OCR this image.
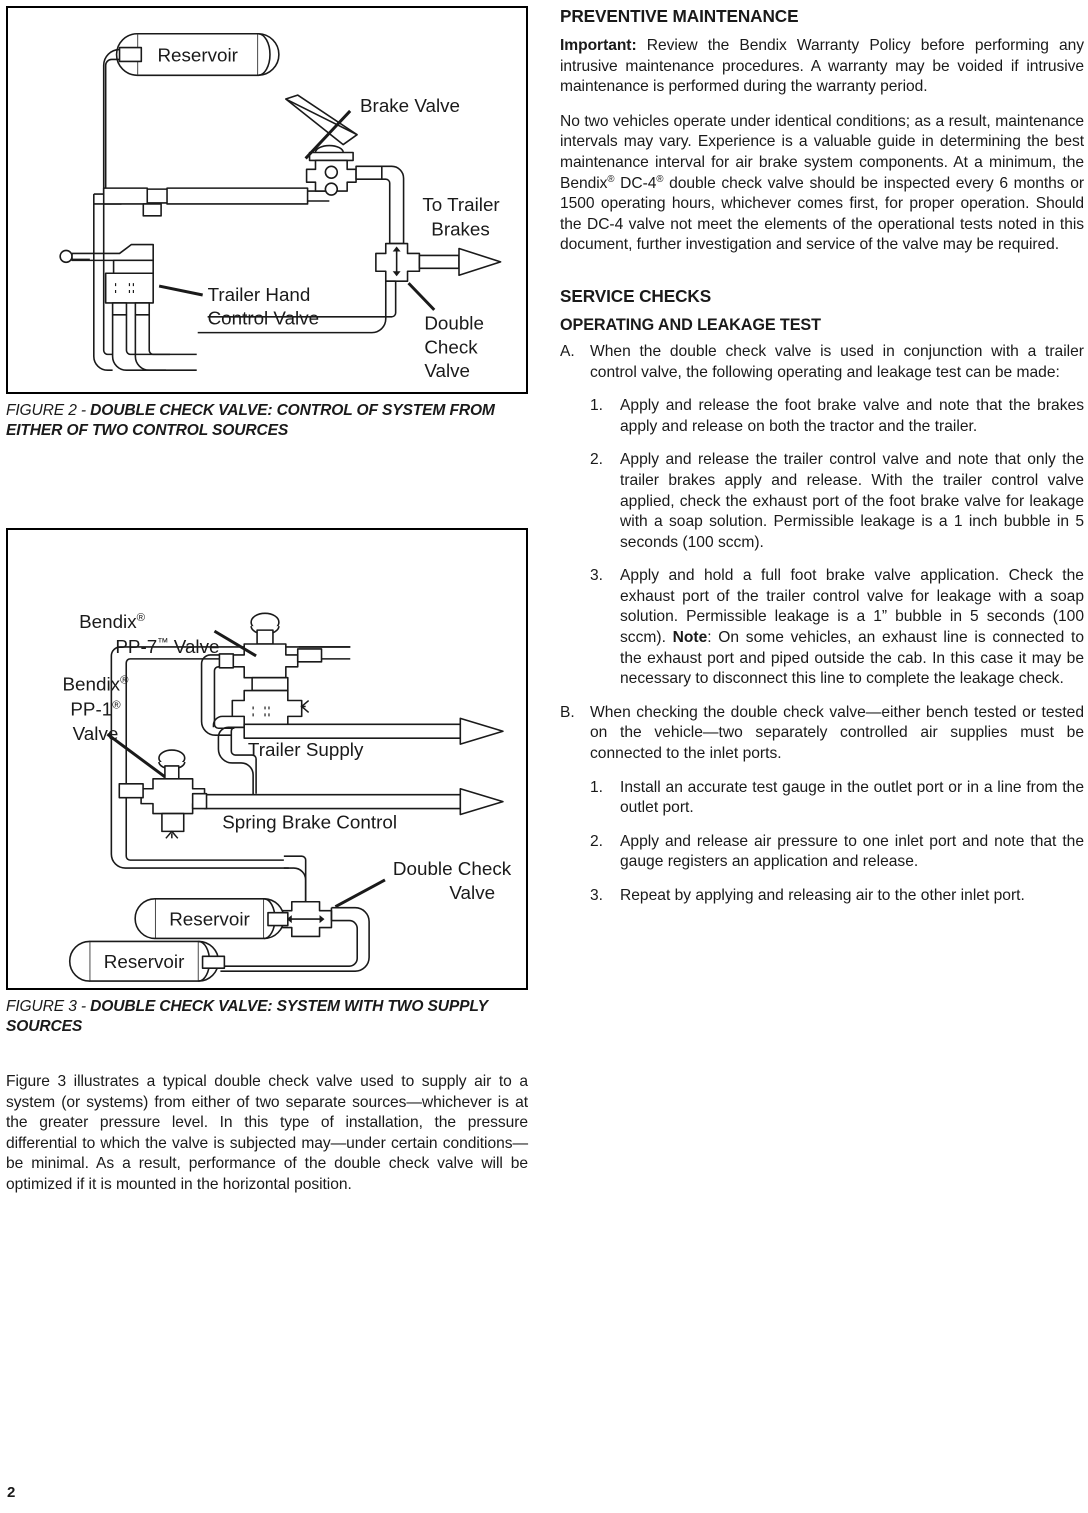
Reservoir
Brake Valve
To Trailer
Brakes
Trailer Hand
Control Valve	Double
Check
Valve
FIGURE 2 - DOUBLE CHECK VALVE: CONTROL OF SYSTEM FROM EITHER OF TWO CONTROL SOURCES
Bendix®
PP-7™ Valve
Bendix®
PP-1®
Valve
Trailer Supply
Spring Brake Control
Double Check
Valve
Reservoir
Reservoir
FIGURE 3 - DOUBLE CHECK VALVE: SYSTEM WITH TWO SUPPLY SOURCES

Figure 3 illustrates a typical double check valve used to supply air to a system (or systems) from either of two separate sources—whichever is at the greater pressure level. In this type of installation, the pressure differential to which the valve is subjected may—under certain conditions—be minimal. As a result, performance of the double check valve will be optimized if it is mounted in the horizontal position.

PREVENTIVE MAINTENANCE

Important: Review the Bendix Warranty Policy before performing any intrusive maintenance procedures. A warranty may be voided if intrusive maintenance is performed during the warranty period.

No two vehicles operate under identical conditions; as a result, maintenance intervals may vary. Experience is a valuable guide in determining the best maintenance interval for air brake system components. At a minimum, the Bendix® DC-4® double check valve should be inspected every 6 months or 1500 operating hours, whichever comes first, for proper operation. Should the DC-4 valve not meet the elements of the operational tests noted in this document, further investigation and service of the valve may be required.

SERVICE CHECKS
OPERATING AND LEAKAGE TEST
A. When the double check valve is used in conjunction with a trailer control valve, the following operating and leakage test can be made:
1.	Apply and release the foot brake valve and note that the brakes apply and release on both the tractor and the trailer.
2.	Apply and release the trailer control valve and note that only the trailer brakes apply and release. With the trailer control valve applied, check the exhaust port of the foot brake valve for leakage with a soap solution. Permissible leakage is a 1 inch bubble in 5 seconds (100 sccm).
3.	Apply and hold a full foot brake valve application. Check the exhaust port of the trailer control valve for leakage with a soap solution. Permissible leakage is a 1” bubble in 5 seconds (100 sccm). Note: On some vehicles, an exhaust line is connected to the exhaust port and piped outside the cab. In this case it may be necessary to disconnect this line to complete the leakage check.
B. When checking the double check valve—either bench tested or tested on the vehicle—two separately controlled air supplies must be connected to the inlet ports.
1.	Install an accurate test gauge in the outlet port or in a line from the outlet port.
2.	Apply and release air pressure to one inlet port and note that the gauge registers an application and release.
3.	Repeat by applying and releasing air to the other inlet port.
2
